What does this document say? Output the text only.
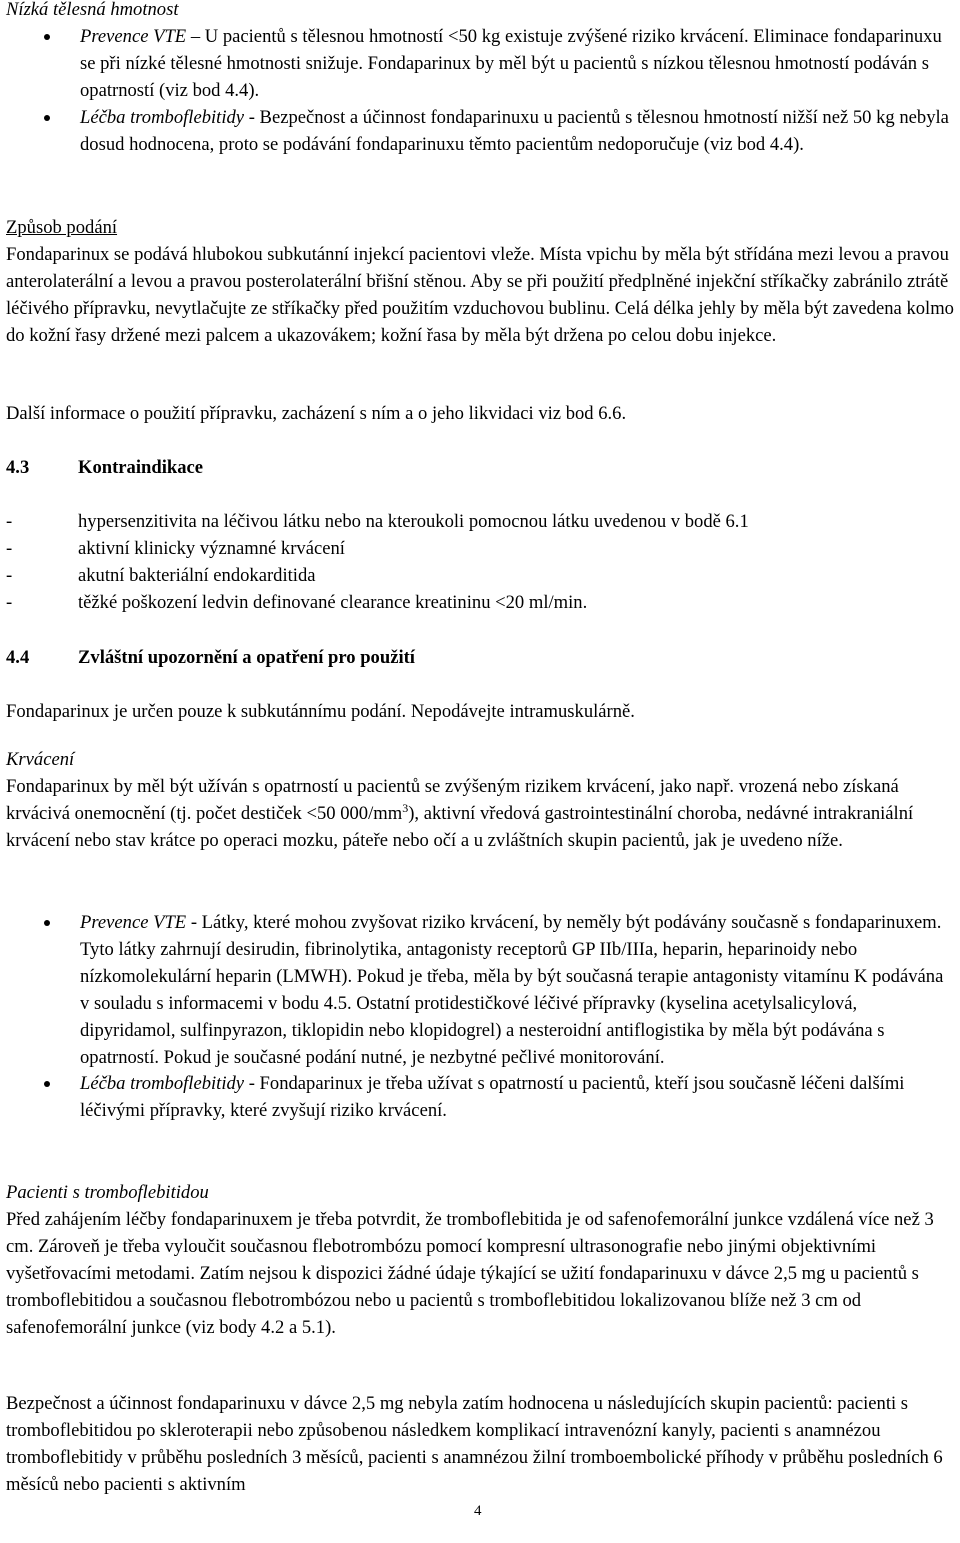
Nízká tělesná hmotnost

Prevence VTE – U pacientů s tělesnou hmotností <50 kg existuje zvýšené riziko krvácení. Eliminace fondaparinuxu se při nízké tělesné hmotnosti snižuje. Fondaparinux by měl být u pacientů s nízkou tělesnou hmotností podáván s opatrností (viz bod 4.4).
Léčba tromboflebitidy - Bezpečnost a účinnost fondaparinuxu u pacientů s tělesnou hmotností nižší než 50 kg nebyla dosud hodnocena, proto se podávání fondaparinuxu těmto pacientům nedoporučuje (viz bod 4.4).

Způsob podání

Fondaparinux se podává hlubokou subkutánní injekcí pacientovi vleže. Místa vpichu by měla být střídána mezi levou a pravou anterolaterální a levou a pravou posterolaterální břišní stěnou. Aby se při použití předplněné injekční stříkačky zabránilo ztrátě léčivého přípravku, nevytlačujte ze stříkačky před použitím vzduchovou bublinu. Celá délka jehly by měla být zavedena kolmo do kožní řasy držené mezi palcem a ukazovákem; kožní řasa by měla být držena po celou dobu injekce.

Další informace o použití přípravku, zacházení s ním a o jeho likvidaci viz bod 6.6.

4.3	Kontraindikace
-	hypersenzitivita na léčivou látku nebo na kteroukoli pomocnou látku uvedenou v bodě 6.1
-	aktivní klinicky významné krvácení
-	akutní bakteriální endokarditida
-	těžké poškození ledvin definované clearance kreatininu <20 ml/min.
4.4	Zvláštní upozornění a opatření pro použití

Fondaparinux je určen pouze k subkutánnímu podání. Nepodávejte intramuskulárně.

Krvácení

Fondaparinux by měl být užíván s opatrností u pacientů se zvýšeným rizikem krvácení, jako např. vrozená nebo získaná krvácivá onemocnění (tj. počet destiček <50 $000/mm^3$), aktivní vředová gastrointestinální choroba, nedávné intrakraniální krvácení nebo stav krátce po operaci mozku, páteře nebo očí a u zvláštních skupin pacientů, jak je uvedeno níže.

Prevence VTE - Látky, které mohou zvyšovat riziko krvácení, by neměly být podávány současně s fondaparinuxem. Tyto látky zahrnují desirudin, fibrinolytika, antagonisty receptorů GP IIb/IIIa, heparin, heparinoidy nebo nízkomolekulární heparin (LMWH). Pokud je třeba, měla by být současná terapie antagonisty vitamínu K podávána v souladu s informacemi v bodu 4.5. Ostatní protidestičkové léčivé přípravky (kyselina acetylsalicylová, dipyridamol, sulfinpyrazon, tiklopidin nebo klopidogrel) a nesteroidní antiflogistika by měla být podávána s opatrností. Pokud je současné podání nutné, je nezbytné pečlivé monitorování.
Léčba tromboflebitidy - Fondaparinux je třeba užívat s opatrností u pacientů, kteří jsou současně léčeni dalšími léčivými přípravky, které zvyšují riziko krvácení.

Pacienti s tromboflebitidou

Před zahájením léčby fondaparinuxem je třeba potvrdit, že tromboflebitida je od safenofemorální junkce vzdálená více než 3 cm. Zároveň je třeba vyloučit současnou flebotrombózu pomocí kompresní ultrasonografie nebo jinými objektivními vyšetřovacími metodami. Zatím nejsou k dispozici žádné údaje týkající se užití fondaparinuxu v dávce 2,5 mg u pacientů s tromboflebitidou a současnou flebotrombózou nebo u pacientů s tromboflebitidou lokalizovanou blíže než 3 cm od safenofemorální junkce (viz body 4.2 a 5.1).

Bezpečnost a účinnost fondaparinuxu v dávce 2,5 mg nebyla zatím hodnocena u následujících skupin pacientů: pacienti s tromboflebitidou po skleroterapii nebo způsobenou následkem komplikací intravenózní kanyly, pacienti s anamnézou tromboflebitidy v průběhu posledních 3 měsíců, pacienti s anamnézou žilní tromboembolické příhody v průběhu posledních 6 měsíců nebo pacienti s aktivním

4
